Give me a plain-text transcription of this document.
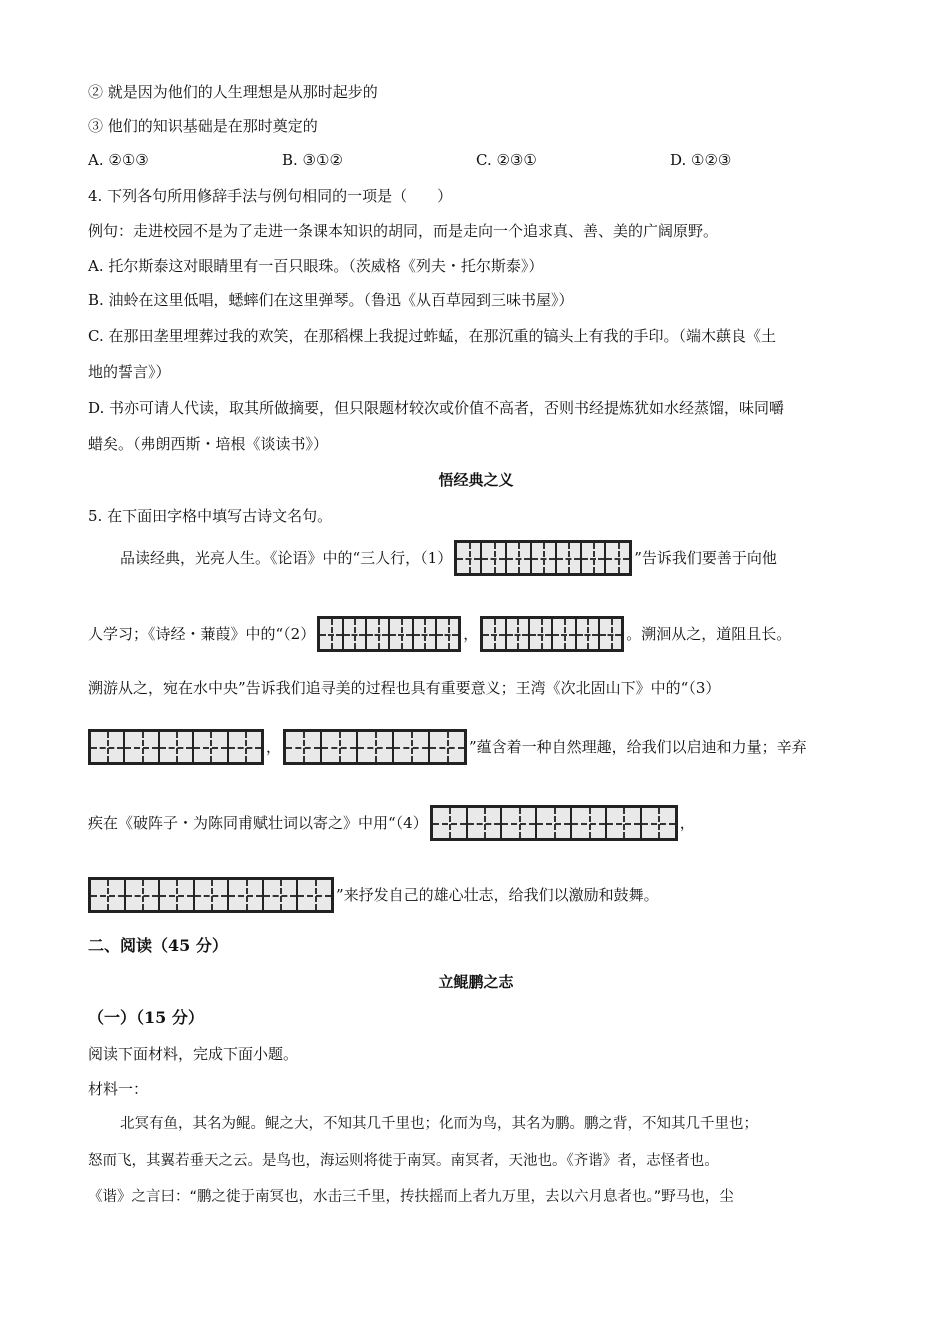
② 就是因为他们的人生理想是从那时起步的
③ 他们的知识基础是在那时奠定的
A. ②①③	B. ③①②	C. ②③①	D. ①②③
4. 下列各句所用修辞手法与例句相同的一项是（　　）
例句：走进校园不是为了走进一条课本知识的胡同，而是走向一个追求真、善、美的广阔原野。
A. 托尔斯泰这对眼睛里有一百只眼珠。（茨威格《列夫・托尔斯泰》）
B. 油蛉在这里低唱，蟋蟀们在这里弹琴。（鲁迅《从百草园到三味书屋》）
C. 在那田垄里埋葬过我的欢笑，在那稻棵上我捉过蚱蜢，在那沉重的镐头上有我的手印。（端木蕻良《土
地的誓言》）
D. 书亦可请人代读，取其所做摘要，但只限题材较次或价值不高者，否则书经提炼犹如水经蒸馏，味同嚼
蜡矣。（弗朗西斯・培根《谈读书》）
悟经典之义
5. 在下面田字格中填写古诗文名句。
品读经典，光亮人生。《论语》中的“三人行，（1）	”告诉我们要善于向他
人学习；《诗经・蒹葭》中的“（2）	，	。溯洄从之，道阻且长。
溯游从之，宛在水中央”告诉我们追寻美的过程也具有重要意义；王湾《次北固山下》中的“（3）
，	”蕴含着一种自然理趣，给我们以启迪和力量；辛弃
疾在《破阵子・为陈同甫赋壮词以寄之》中用“（4）	，
”来抒发自己的雄心壮志，给我们以激励和鼓舞。
二、阅读（45 分）
立鲲鹏之志
（一）（15 分）
阅读下面材料，完成下面小题。
材料一：
北冥有鱼，其名为鲲。鲲之大，不知其几千里也；化而为鸟，其名为鹏。鹏之背，不知其几千里也；
怒而飞，其翼若垂天之云。是鸟也，海运则将徙于南冥。南冥者，天池也。《齐谐》者，志怪者也。
《谐》之言曰：“鹏之徙于南冥也，水击三千里，抟扶摇而上者九万里，去以六月息者也。”野马也，尘
